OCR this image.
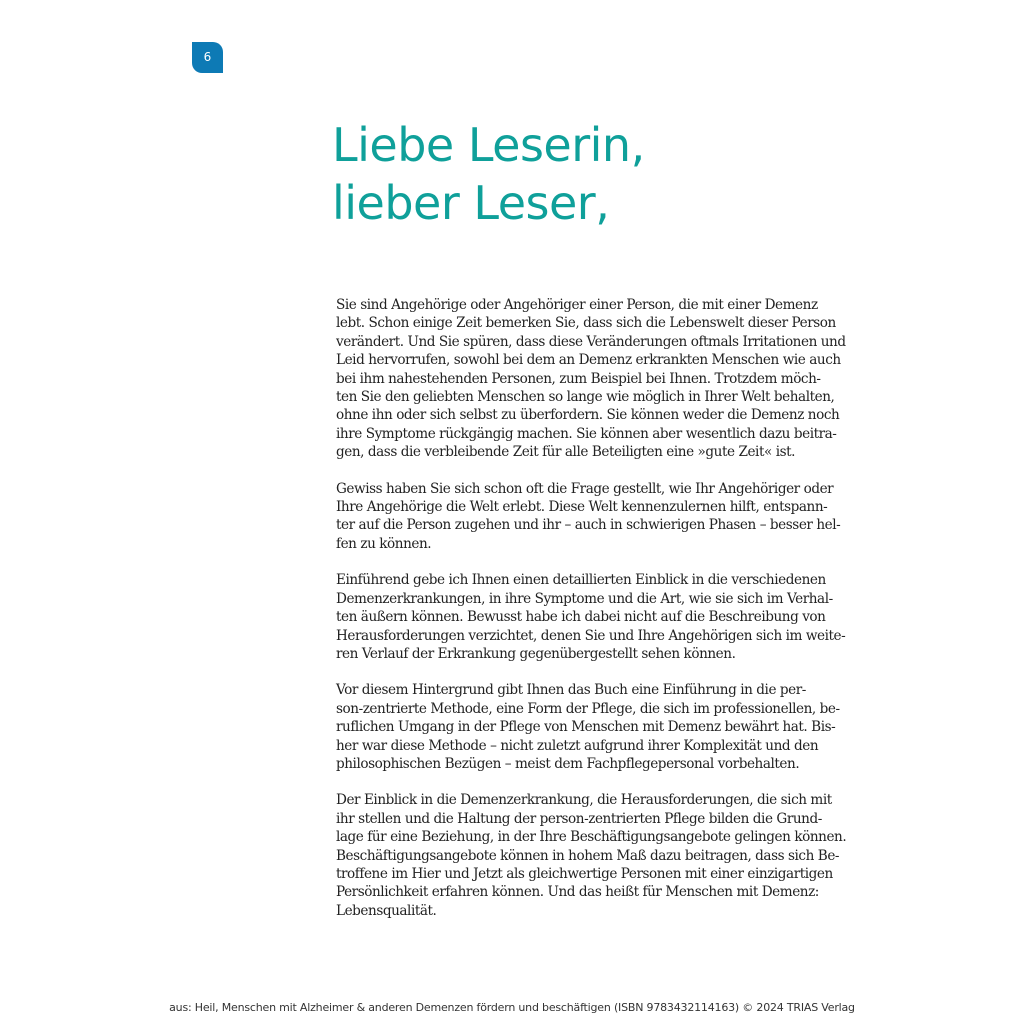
6
Liebe Leserin,
lieber Leser,

Sie sind Angehörige oder Angehöriger einer Person, die mit einer Demenz
lebt. Schon einige Zeit bemerken Sie, dass sich die Lebenswelt dieser Person
verändert. Und Sie spüren, dass diese Veränderungen oftmals Irritationen und
Leid hervorrufen, sowohl bei dem an Demenz erkrankten Menschen wie auch
bei ihm nahestehenden Personen, zum Beispiel bei Ihnen. Trotzdem möch-
ten Sie den geliebten Menschen so lange wie möglich in Ihrer Welt behalten,
ohne ihn oder sich selbst zu überfordern. Sie können weder die Demenz noch
ihre Symptome rückgängig machen. Sie können aber wesentlich dazu beitra-
gen, dass die verbleibende Zeit für alle Beteiligten eine »gute Zeit« ist.

Gewiss haben Sie sich schon oft die Frage gestellt, wie Ihr Angehöriger oder
Ihre Angehörige die Welt erlebt. Diese Welt kennenzulernen hilft, entspann-
ter auf die Person zugehen und ihr – auch in schwierigen Phasen – besser hel-
fen zu können.

Einführend gebe ich Ihnen einen detaillierten Einblick in die verschiedenen
Demenzerkrankungen, in ihre Symptome und die Art, wie sie sich im Verhal-
ten äußern können. Bewusst habe ich dabei nicht auf die Beschreibung von
Herausforderungen verzichtet, denen Sie und Ihre Angehörigen sich im weite-
ren Verlauf der Erkrankung gegenübergestellt sehen können.

Vor diesem Hintergrund gibt Ihnen das Buch eine Einführung in die per-
son-zentrierte Methode, eine Form der Pflege, die sich im professionellen, be-
ruflichen Umgang in der Pflege von Menschen mit Demenz bewährt hat. Bis-
her war diese Methode – nicht zuletzt aufgrund ihrer Komplexität und den
philosophischen Bezügen – meist dem Fachpflegepersonal vorbehalten.

Der Einblick in die Demenzerkrankung, die Herausforderungen, die sich mit
ihr stellen und die Haltung der person-zentrierten Pflege bilden die Grund-
lage für eine Beziehung, in der Ihre Beschäftigungsangebote gelingen können.
Beschäftigungsangebote können in hohem Maß dazu beitragen, dass sich Be-
troffene im Hier und Jetzt als gleichwertige Personen mit einer einzigartigen
Persönlichkeit erfahren können. Und das heißt für Menschen mit Demenz:
Lebensqualität.

aus: Heil, Menschen mit Alzheimer & anderen Demenzen fördern und beschäftigen (ISBN 9783432114163) © 2024 TRIAS Verlag
